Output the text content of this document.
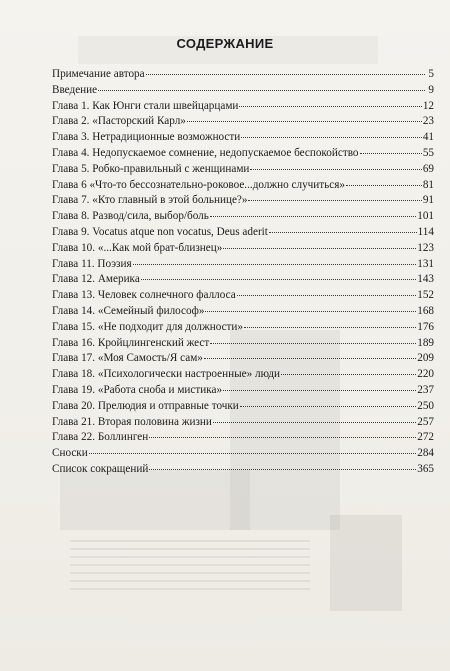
СОДЕРЖАНИЕ
Примечание автора	5
Введение	9
Глава 1. Как Юнги стали швейцарцами	12
Глава 2. «Пасторский Карл»	23
Глава 3. Нетрадиционные возможности	41
Глава 4. Недопускаемое сомнение, недопускаемое беспокойство	55
Глава 5. Робко-правильный с женщинами	69
Глава 6 «Что-то бессознательно-роковое...должно случиться»	81
Глава 7. «Кто главный в этой больнице?»	91
Глава 8. Развод/сила, выбор/боль	101
Глава 9. Vocatus atque non vocatus, Deus aderit	114
Глава 10. «...Как мой брат-близнец»	123
Глава 11. Поэзия	131
Глава 12. Америка	143
Глава 13. Человек солнечного фаллоса	152
Глава 14. «Семейный философ»	168
Глава 15. «Не подходит для должности»	176
Глава 16. Кройцлингенский жест	189
Глава 17. «Моя Самость/Я сам»	209
Глава 18. «Психологически настроенные» люди	220
Глава 19. «Работа сноба и мистика»	237
Глава 20. Прелюдия и отправные точки	250
Глава 21. Вторая половина жизни	257
Глава 22. Боллинген	272
Сноски	284
Список сокращений	365
